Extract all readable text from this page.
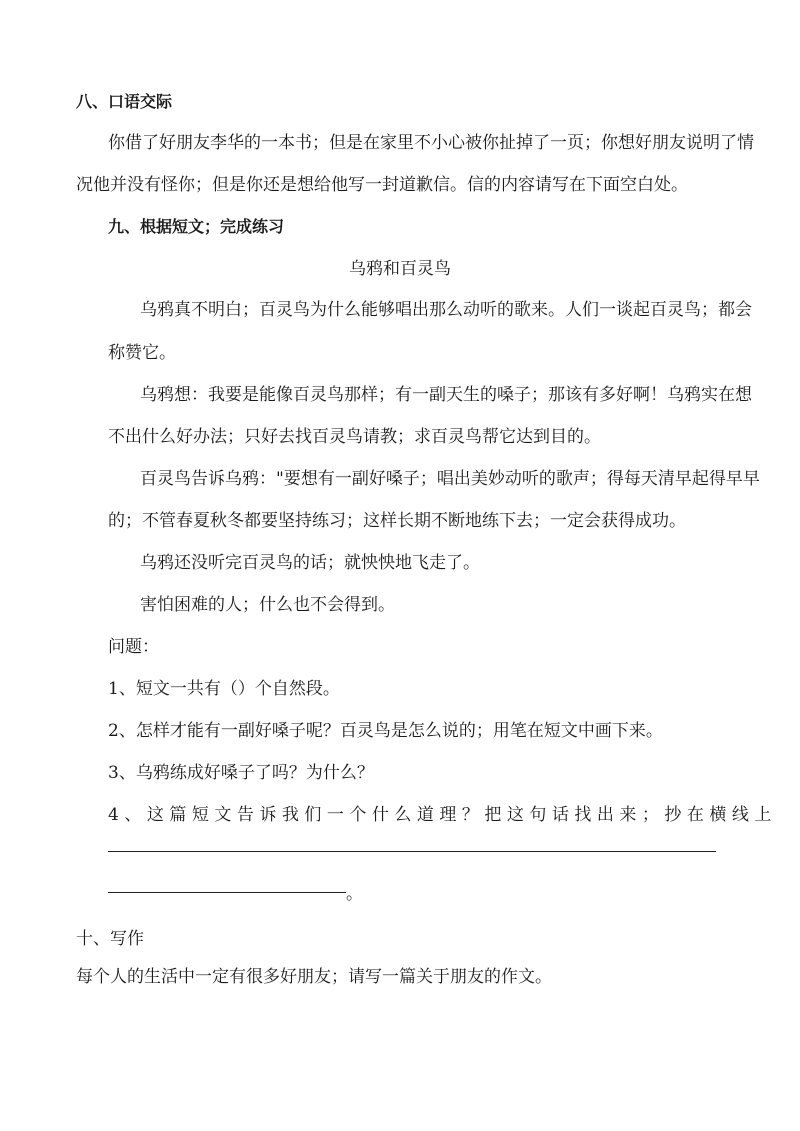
八、口语交际
你借了好朋友李华的一本书；但是在家里不小心被你扯掉了一页；你想好朋友说明了情
况他并没有怪你；但是你还是想给他写一封道歉信。信的内容请写在下面空白处。
九、根据短文；完成练习
乌鸦和百灵鸟
乌鸦真不明白；百灵鸟为什么能够唱出那么动听的歌来。人们一谈起百灵鸟；都会
称赞它。
乌鸦想：我要是能像百灵鸟那样；有一副天生的嗓子；那该有多好啊！乌鸦实在想
不出什么好办法；只好去找百灵鸟请教；求百灵鸟帮它达到目的。
百灵鸟告诉乌鸦："要想有一副好嗓子；唱出美妙动听的歌声；得每天清早起得早早
的；不管春夏秋冬都要坚持练习；这样长期不断地练下去；一定会获得成功。
乌鸦还没听完百灵鸟的话；就怏怏地飞走了。
害怕困难的人；什么也不会得到。
问题：
1、短文一共有（）个自然段。
2、怎样才能有一副好嗓子呢？百灵鸟是怎么说的；用笔在短文中画下来。
3、乌鸦练成好嗓子了吗？为什么？
4、这篇短文告诉我们一个什么道理？把这句话找出来；抄在横线上
。
十、写作
每个人的生活中一定有很多好朋友；请写一篇关于朋友的作文。
